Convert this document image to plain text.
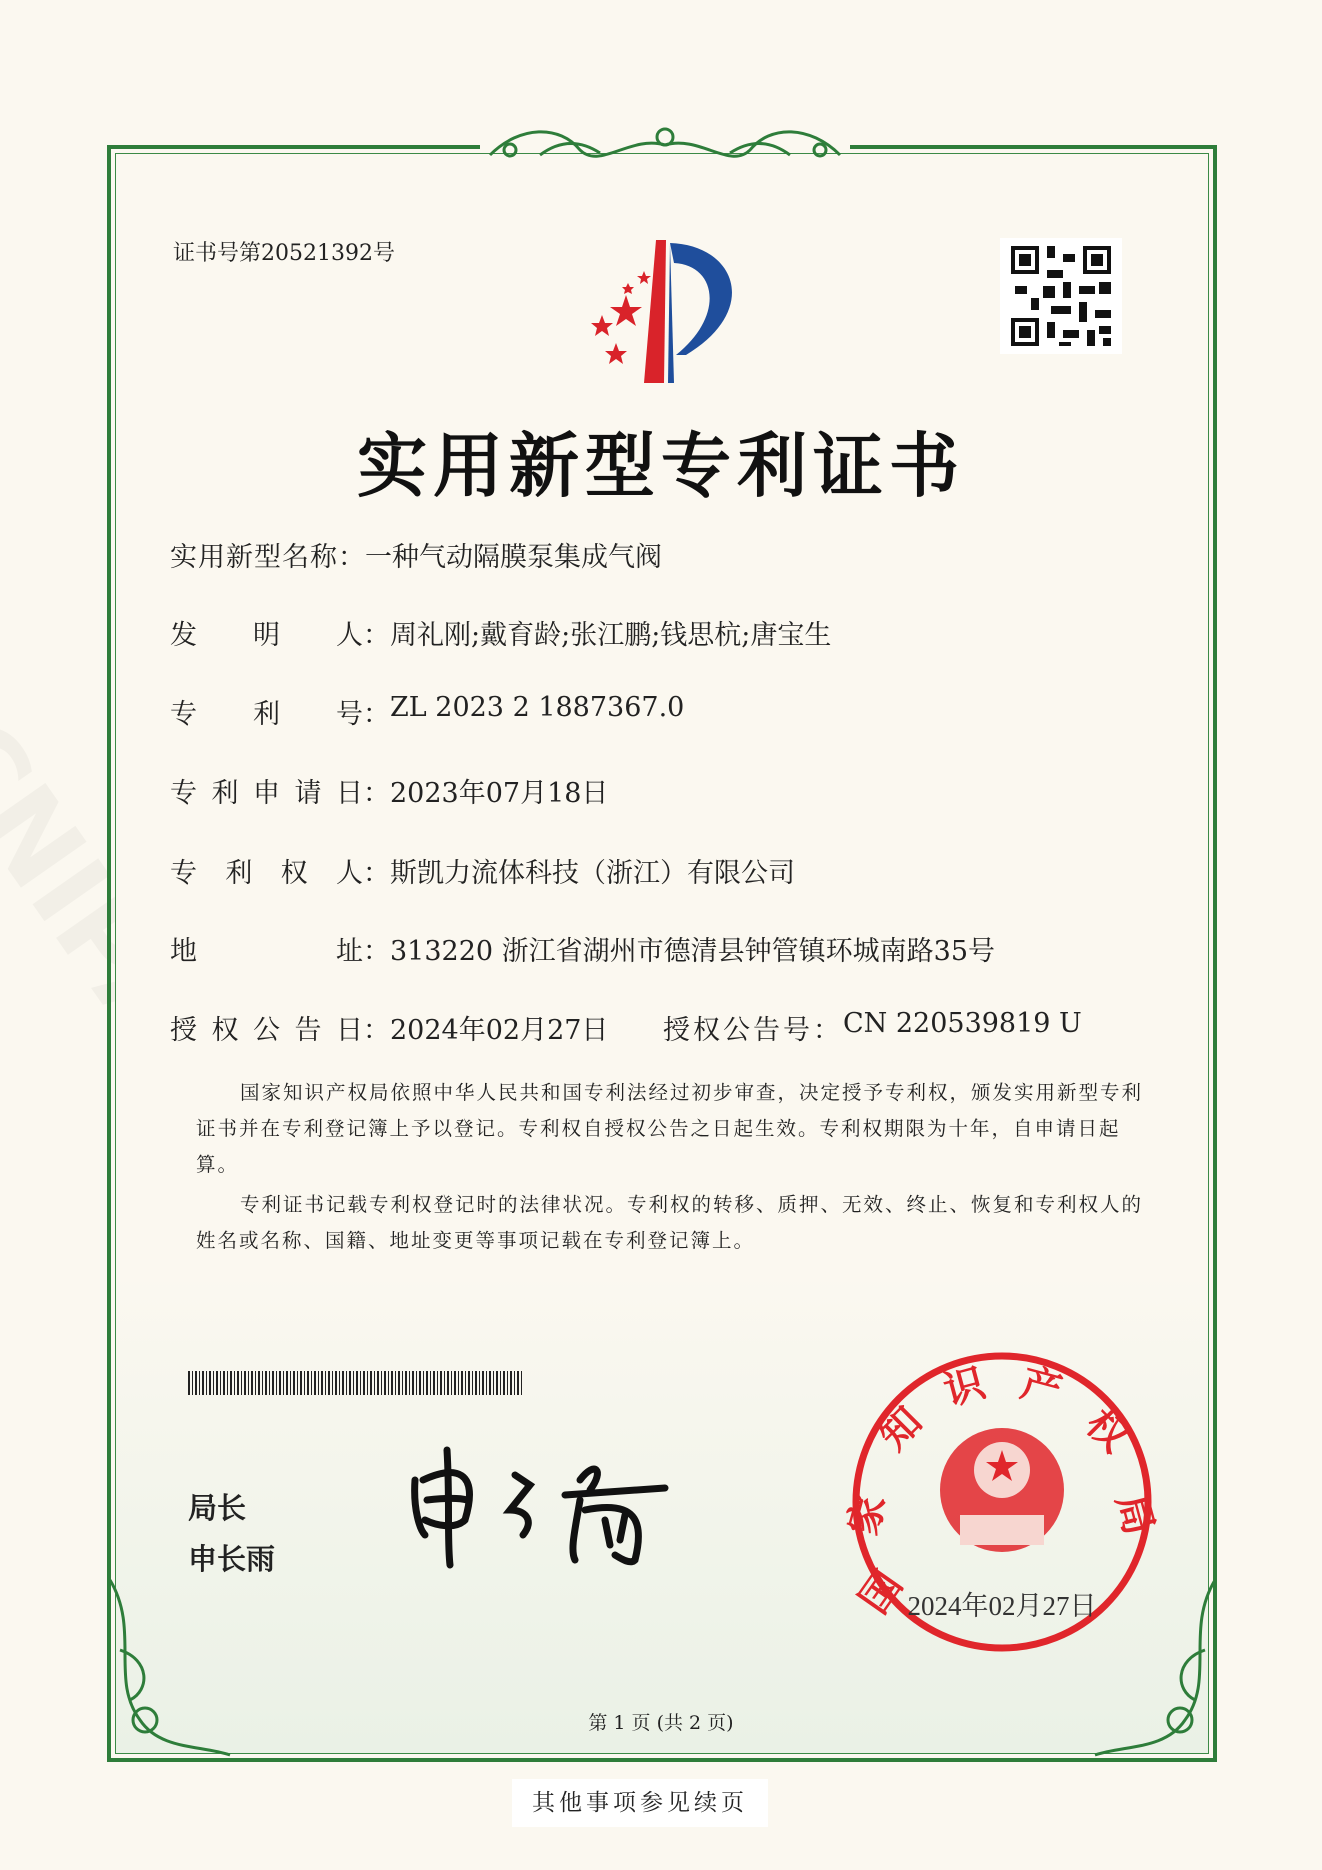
证书号第20521392号
实用新型专利证书
实用新型名称 ： 一种气动隔膜泵集成气阀
发明人 ： 周礼刚;戴育龄;张江鹏;钱思杭;唐宝生
专利号 ： ZL 2023 2 1887367.0
专利申请日 ： 2023年07月18日
专利权人 ： 斯凯力流体科技（浙江）有限公司
地址 ： 313220 浙江省湖州市德清县钟管镇环城南路35号
授权公告日 ： 2024年02月27日 授权公告号： CN 220539819 U

国家知识产权局依照中华人民共和国专利法经过初步审查，决定授予专利权，颁发实用新型专利证书并在专利登记簿上予以登记。专利权自授权公告之日起生效。专利权期限为十年，自申请日起算。

专利证书记载专利权登记时的法律状况。专利权的转移、质押、无效、终止、恢复和专利权人的姓名或名称、国籍、地址变更等事项记载在专利登记簿上。

局长
申长雨
国
家
知
识 产
权
局
2024年02月27日
第 1 页 (共 2 页)
其他事项参见续页
